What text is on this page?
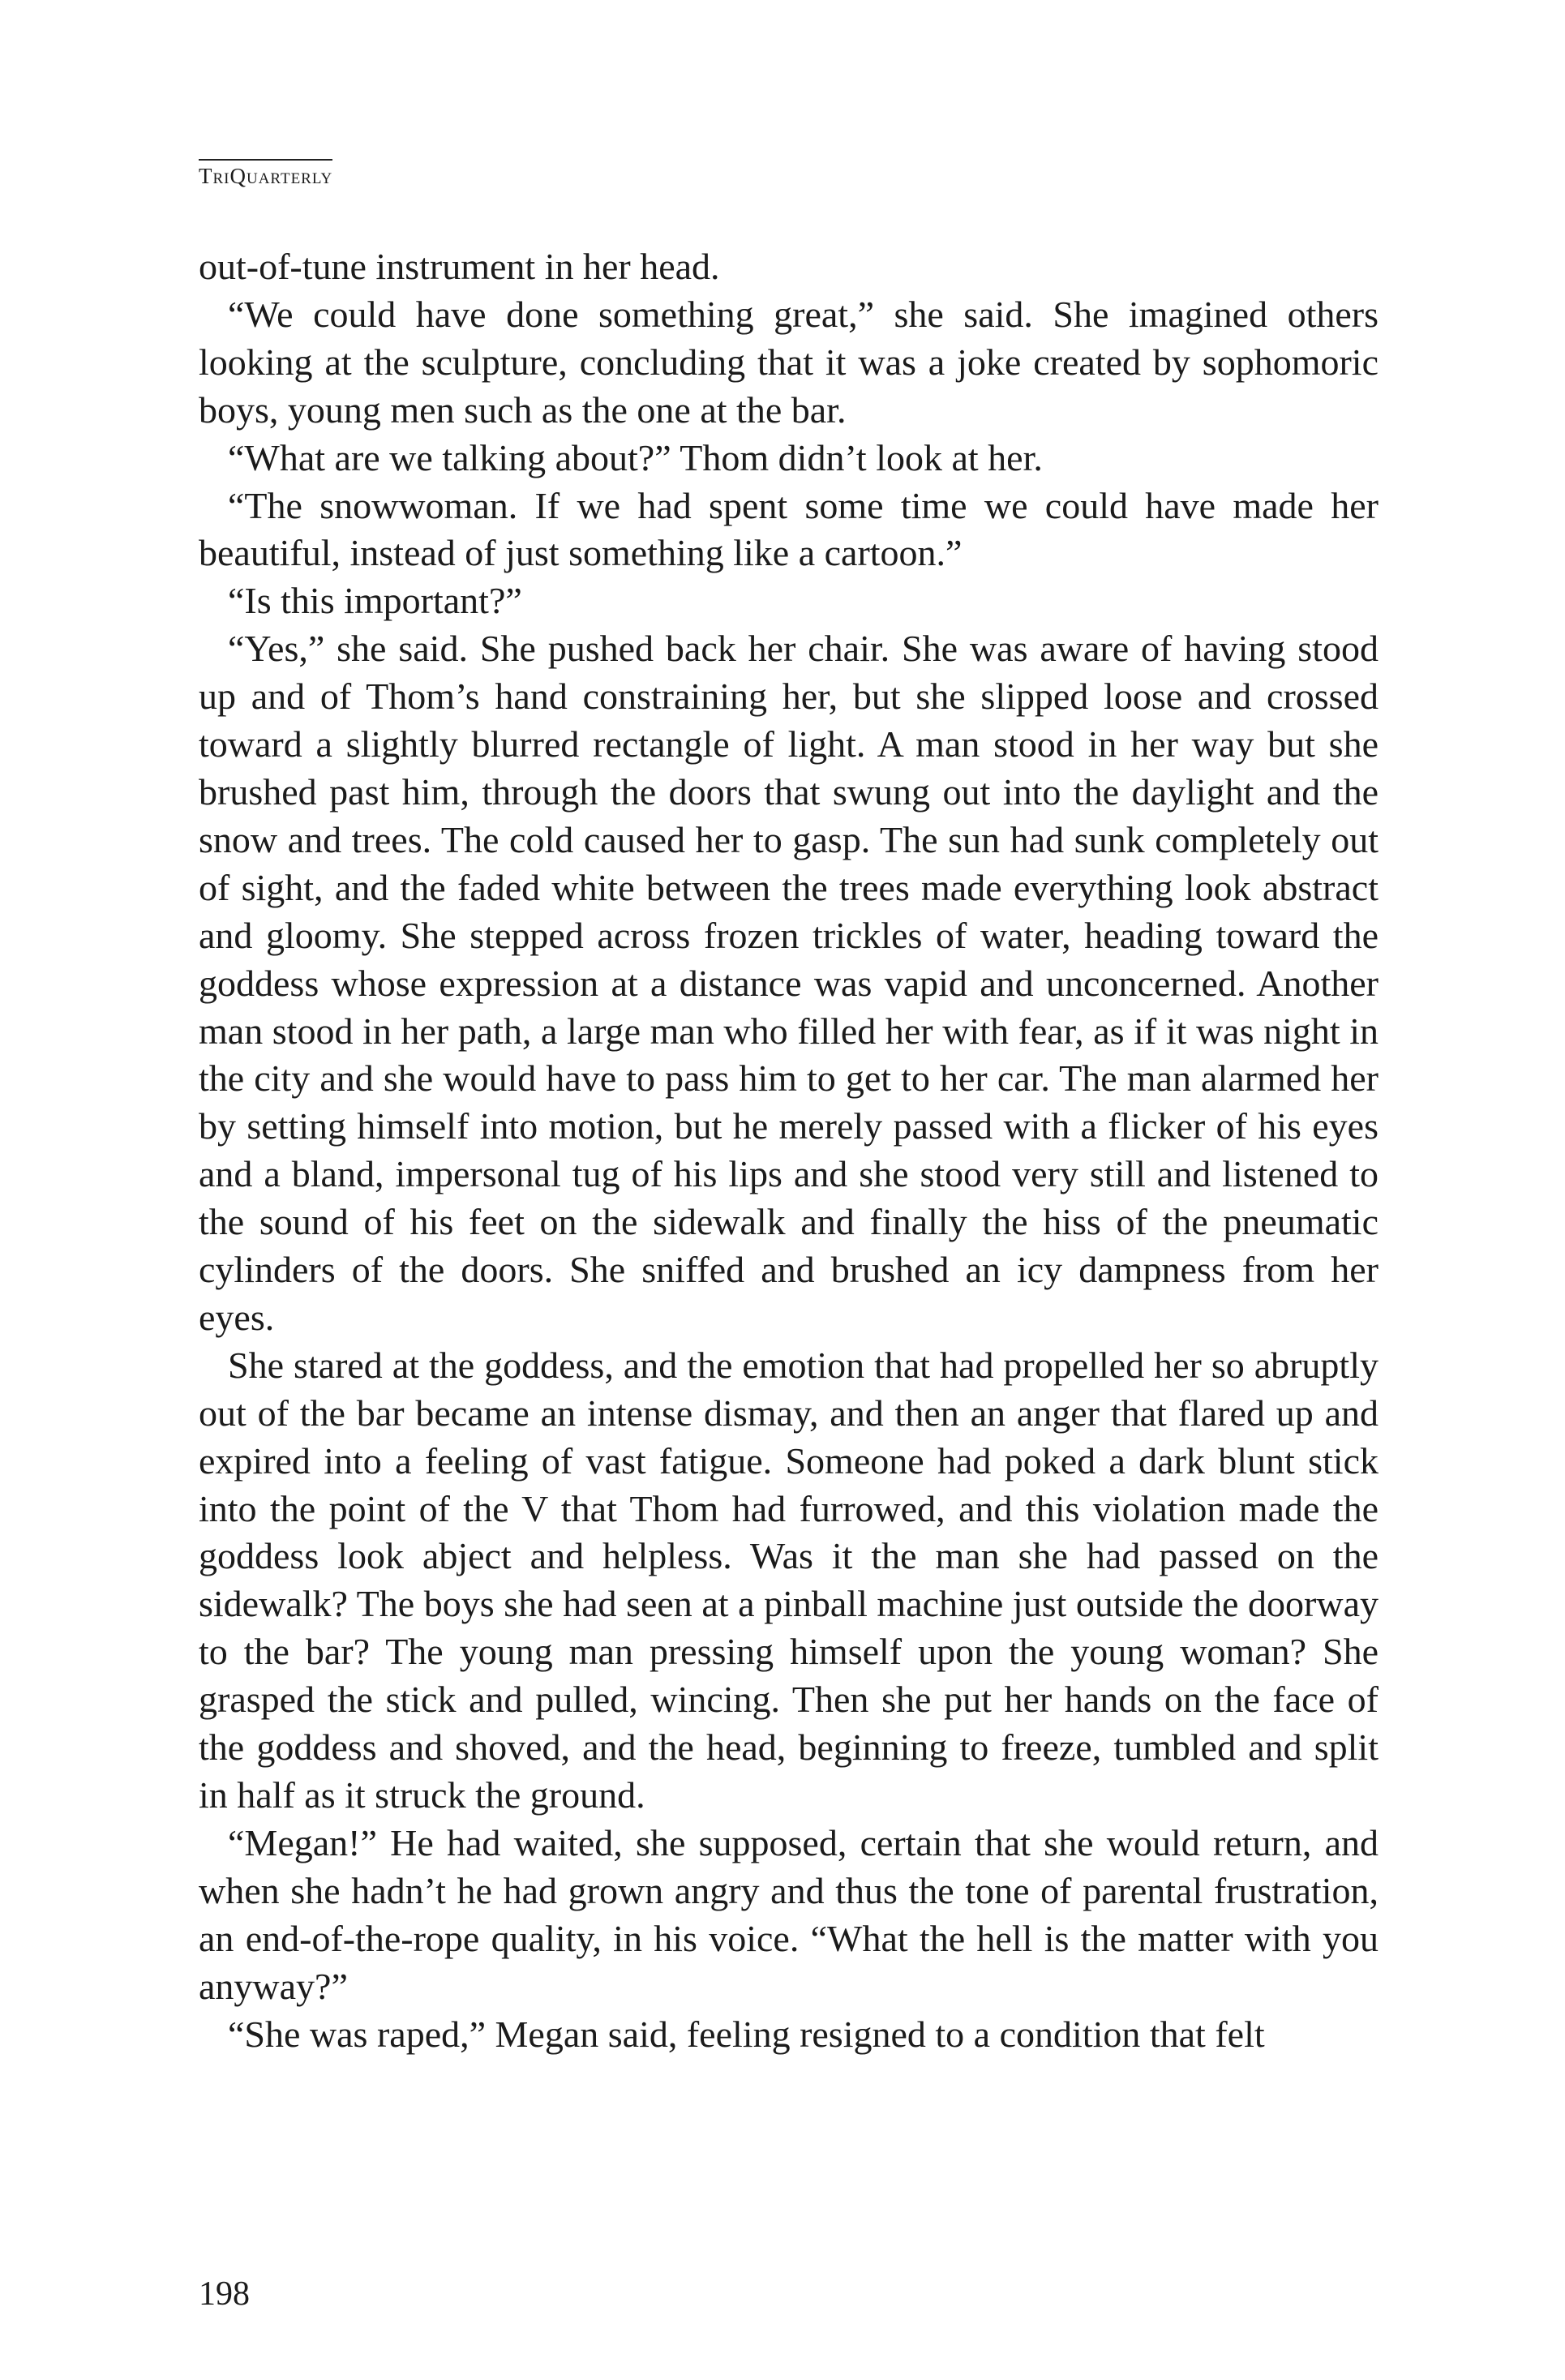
TriQuarterly

out-of-tune instrument in her head.

“We could have done something great,” she said. She imagined others looking at the sculpture, concluding that it was a joke created by sophomoric boys, young men such as the one at the bar.

“What are we talking about?” Thom didn’t look at her.

“The snowwoman. If we had spent some time we could have made her beautiful, instead of just something like a cartoon.”

“Is this important?”

“Yes,” she said. She pushed back her chair. She was aware of having stood up and of Thom’s hand constraining her, but she slipped loose and crossed toward a slightly blurred rectangle of light. A man stood in her way but she brushed past him, through the doors that swung out into the daylight and the snow and trees. The cold caused her to gasp. The sun had sunk completely out of sight, and the faded white between the trees made everything look abstract and gloomy. She stepped across frozen trickles of water, heading toward the goddess whose expression at a distance was vapid and unconcerned. Another man stood in her path, a large man who filled her with fear, as if it was night in the city and she would have to pass him to get to her car. The man alarmed her by setting himself into motion, but he merely passed with a flicker of his eyes and a bland, impersonal tug of his lips and she stood very still and listened to the sound of his feet on the sidewalk and finally the hiss of the pneumatic cylinders of the doors. She sniffed and brushed an icy dampness from her eyes.

She stared at the goddess, and the emotion that had propelled her so abruptly out of the bar became an intense dismay, and then an anger that flared up and expired into a feeling of vast fatigue. Someone had poked a dark blunt stick into the point of the V that Thom had furrowed, and this violation made the goddess look abject and helpless. Was it the man she had passed on the sidewalk? The boys she had seen at a pinball machine just outside the doorway to the bar? The young man pressing himself upon the young woman? She grasped the stick and pulled, wincing. Then she put her hands on the face of the goddess and shoved, and the head, beginning to freeze, tumbled and split in half as it struck the ground.

“Megan!” He had waited, she supposed, certain that she would return, and when she hadn’t he had grown angry and thus the tone of parental frustration, an end-of-the-rope quality, in his voice. “What the hell is the matter with you anyway?”

“She was raped,” Megan said, feeling resigned to a condition that felt

198
